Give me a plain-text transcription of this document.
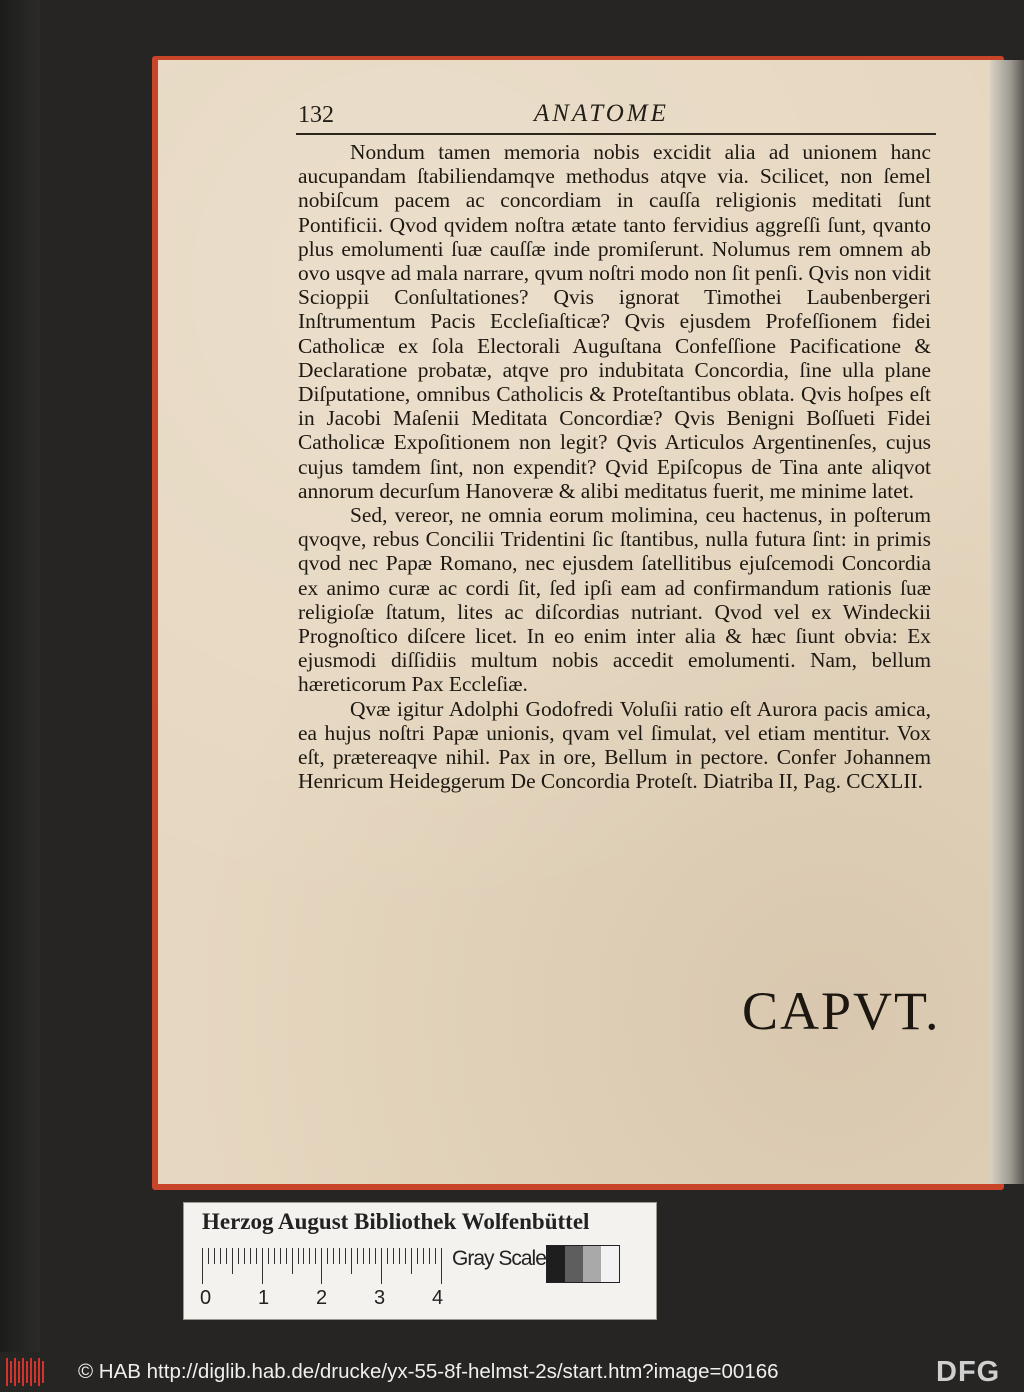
132	ANATOME

Nondum tamen memoria nobis excidit alia ad unionem hanc aucupandam ſtabiliendamqve methodus atqve via. Scilicet, non ſemel nobiſcum pacem ac concordiam in cauſſa religionis meditati ſunt Pontificii. Qvod qvidem noſtra ætate tanto fervidius aggreſſi ſunt, qvanto plus emolumenti ſuæ cauſſæ inde promiſerunt. Nolumus rem omnem ab ovo usqve ad mala narrare, qvum noſtri modo non ſit penſi. Qvis non vidit Scioppii Conſultationes? Qvis ignorat Timothei Laubenbergeri Inſtrumentum Pacis Eccleſiaſticæ? Qvis ejusdem Profeſſionem fidei Catholicæ ex ſola Electorali Auguſtana Confeſſione Pacificatione & Declaratione probatæ, atqve pro indubitata Concordia, ſine ulla plane Diſputatione, omnibus Catholicis & Proteſtantibus oblata. Qvis hoſpes eſt in Jacobi Maſenii Meditata Concordiæ? Qvis Benigni Boſſueti Fidei Catholicæ Expoſitionem non legit? Qvis Articulos Argentinenſes, cujus cujus tamdem ſint, non expendit? Qvid Epiſcopus de Tina ante aliqvot annorum decurſum Hanoveræ & alibi meditatus fuerit, me minime latet.

Sed, vereor, ne omnia eorum molimina, ceu hactenus, in poſterum qvoqve, rebus Concilii Tridentini ſic ſtantibus, nulla futura ſint: in primis qvod nec Papæ Romano, nec ejusdem ſatellitibus ejuſcemodi Concordia ex animo curæ ac cordi ſit, ſed ipſi eam ad confirmandum rationis ſuæ religioſæ ſtatum, lites ac diſcordias nutriant. Qvod vel ex Windeckii Prognoſtico diſcere licet. In eo enim inter alia & hæc ſiunt obvia: Ex ejusmodi diſſidiis multum nobis accedit emolumenti. Nam, bellum hæreticorum Pax Eccleſiæ.

Qvæ igitur Adolphi Godofredi Voluſii ratio eſt Aurora pacis amica, ea hujus noſtri Papæ unionis, qvam vel ſimulat, vel etiam mentitur. Vox eſt, prætereaqve nihil. Pax in ore, Bellum in pectore. Confer Johannem Henricum Heideggerum De Concordia Proteſt. Diatriba II, Pag. CCXLII.

CAPVT.
Herzog August Bibliothek Wolfenbüttel
0 1 2 3 4
Gray Scale
© HAB http://diglib.hab.de/drucke/yx-55-8f-helmst-2s/start.htm?image=00166	DFG
